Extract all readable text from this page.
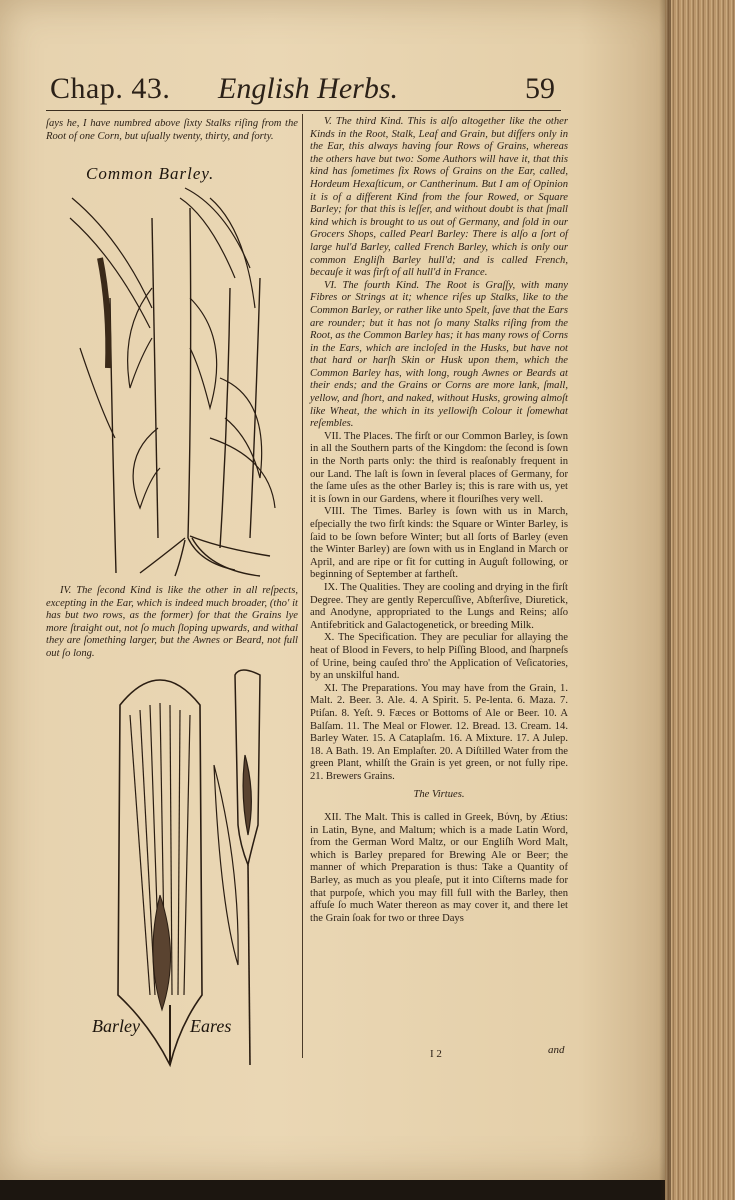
Chap. 43. English Herbs.	59

ſays he, I have numbred above ſixty Stalks riſing from the Root of one Corn, but uſually twenty, thirty, and forty.

Common Barley.

IV. The ſecond Kind is like the other in all reſpects, excepting in the Ear, which is indeed much broader, (tho' it has but two rows, as the former) for that the Grains lye more ſtraight out, not ſo much ſloping upwards, and withal they are ſomething larger, but the Awnes or Beard, not full out ſo long.

Barley	Eares

V. The third Kind. This is alſo altogether like the other Kinds in the Root, Stalk, Leaf and Grain, but differs only in the Ear, this always having four Rows of Grains, whereas the others have but two: Some Authors will have it, that this kind has ſometimes ſix Rows of Grains on the Ear, called, Hordeum Hexaſticum, or Cantherinum. But I am of Opinion it is of a different Kind from the four Rowed, or Square Barley; for that this is leſſer, and without doubt is that ſmall kind which is brought to us out of Germany, and ſold in our Grocers Shops, called Pearl Barley: There is alſo a ſort of large hul'd Barley, called French Barley, which is only our common Engliſh Barley hull'd; and is called French, becauſe it was firſt of all hull'd in France.

VI. The fourth Kind. The Root is Graſſy, with many Fibres or Strings at it; whence riſes up Stalks, like to the Common Barley, or rather like unto Spelt, ſave that the Ears are rounder; but it has not ſo many Stalks riſing from the Root, as the Common Barley has; it has many rows of Corns in the Ears, which are incloſed in the Husks, but have not that hard or harſh Skin or Husk upon them, which the Common Barley has, with long, rough Awnes or Beards at their ends; and the Grains or Corns are more lank, ſmall, yellow, and ſhort, and naked, without Husks, growing almoſt like Wheat, the which in its yellowiſh Colour it ſomewhat reſembles.

VII. The Places. The firſt or our Common Barley, is ſown in all the Southern parts of the Kingdom: the ſecond is ſown in the North parts only: the third is reaſonably frequent in our Land. The laſt is ſown in ſeveral places of Germany, for the ſame uſes as the other Barley is; this is rare with us, yet it is ſown in our Gardens, where it flouriſhes very well.

VIII. The Times. Barley is ſown with us in March, eſpecially the two firſt kinds: the Square or Winter Barley, is ſaid to be ſown before Winter; but all ſorts of Barley (even the Winter Barley) are ſown with us in England in March or April, and are ripe or fit for cutting in Auguſt following, or beginning of September at fartheſt.

IX. The Qualities. They are cooling and drying in the firſt Degree. They are gently Repercuſſive, Abſterſive, Diuretick, and Anodyne, appropriated to the Lungs and Reins; alſo Antifebritick and Galactogenetick, or breeding Milk.

X. The Specification. They are peculiar for allaying the heat of Blood in Fevers, to help Piſſing Blood, and ſharpneſs of Urine, being cauſed thro' the Application of Veſicatories, by an unskilful hand.

XI. The Preparations. You may have from the Grain, 1. Malt. 2. Beer. 3. Ale. 4. A Spirit. 5. Pe-lenta. 6. Maza. 7. Ptiſan. 8. Yeſt. 9. Fæces or Bottoms of Ale or Beer. 10. A Balſam. 11. The Meal or Flower. 12. Bread. 13. Cream. 14. Barley Water. 15. A Cataplaſm. 16. A Mixture. 17. A Julep. 18. A Bath. 19. An Emplaſter. 20. A Diſtilled Water from the green Plant, whilſt the Grain is yet green, or not fully ripe. 21. Brewers Grains.

The Virtues.

XII. The Malt. This is called in Greek, Βύνη, by Ætius: in Latin, Byne, and Maltum; which is a made Latin Word, from the German Word Maltz, or our Engliſh Word Malt, which is Barley prepared for Brewing Ale or Beer; the manner of which Preparation is thus: Take a Quantity of Barley, as much as you pleaſe, put it into Ciſterns made for that purpoſe, which you may fill full with the Barley, then affuſe ſo much Water thereon as may cover it, and there let the Grain ſoak for two or three Days

I 2	and
